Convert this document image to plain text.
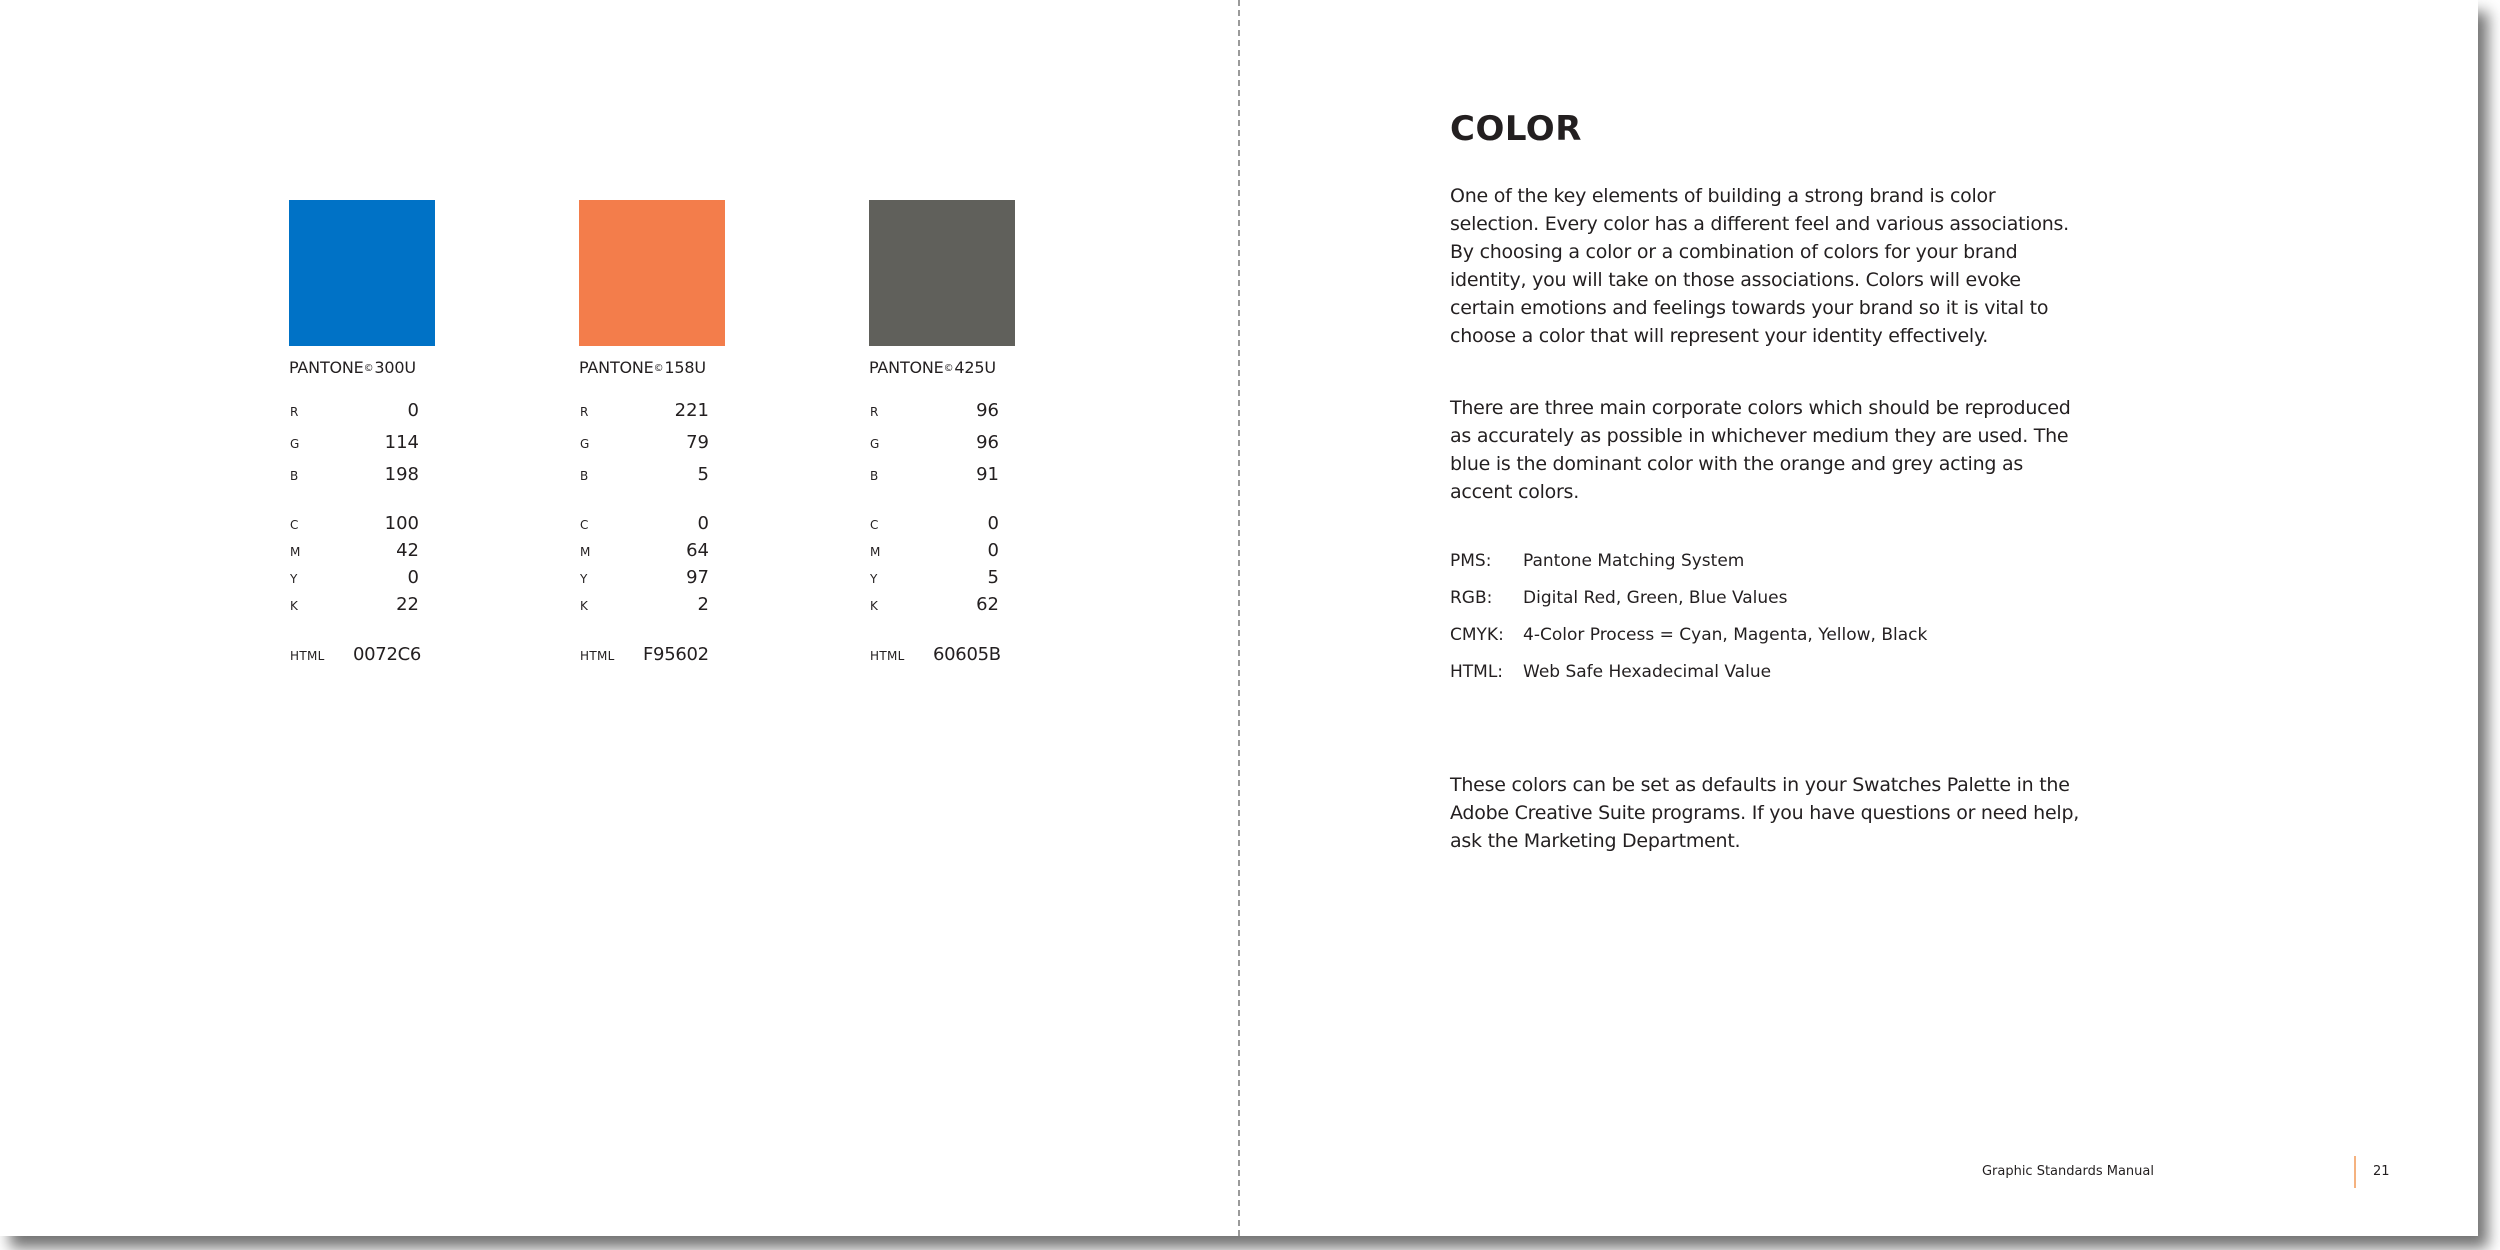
PANTONE©300U
R	0
G	114
B	198
C	100
M	42
Y	0
K	22
HTML 0072C6
PANTONE©158U
R	221
G	79
B	5
C	0
M	64
Y	97
K	2
HTML F95602
PANTONE©425U
R	96
G	96
B	91
C	0
M	0
Y	5
K	62
HTML 60605B
COLOR

One of the key elements of building a strong brand is color selection. Every color has a different feel and various associations. By choosing a color or a combination of colors for your brand identity, you will take on those associations. Colors will evoke certain emotions and feelings towards your brand so it is vital to choose a color that will represent your identity effectively.

There are three main corporate colors which should be reproduced as accurately as possible in whichever medium they are used. The blue is the dominant color with the orange and grey acting as accent colors.

PMS: Pantone Matching System
RGB: Digital Red, Green, Blue Values
CMYK: 4-Color Process = Cyan, Magenta, Yellow, Black
HTML: Web Safe Hexadecimal Value

These colors can be set as defaults in your Swatches Palette in the Adobe Creative Suite programs. If you have questions or need help, ask the Marketing Department.

Graphic Standards Manual	21
